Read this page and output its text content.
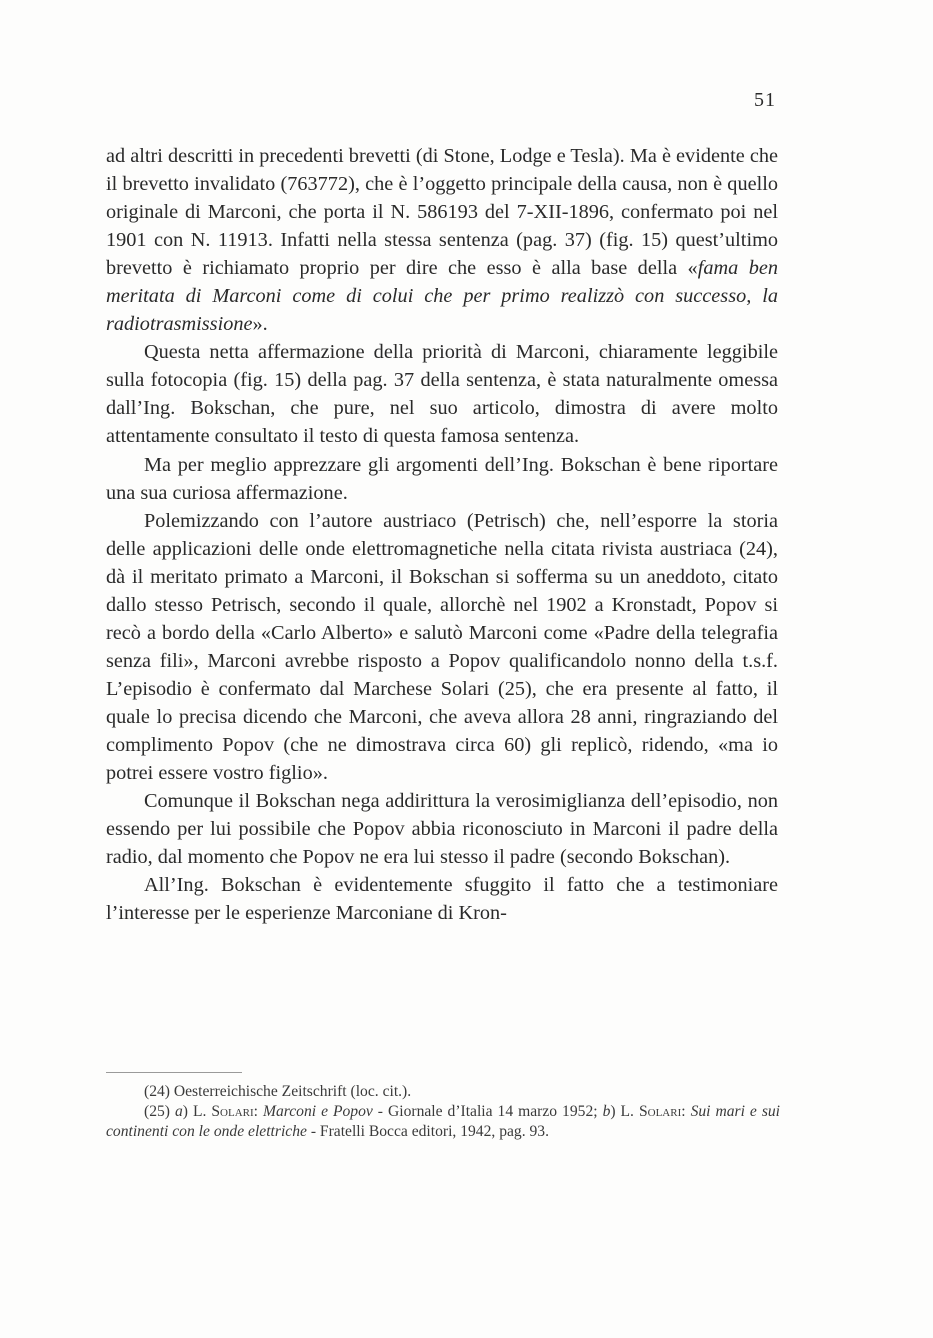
51

ad altri descritti in precedenti brevetti (di Stone, Lodge e Tesla). Ma è evidente che il brevetto invalidato (763772), che è l’oggetto principale della causa, non è quello originale di Marconi, che porta il N. 586193 del 7-XII-1896, confermato poi nel 1901 con N. 11913. Infatti nella stessa sentenza (pag. 37) (fig. 15) quest’ultimo brevetto è richiamato proprio per dire che esso è alla base della «fama ben meritata di Marconi come di colui che per primo realizzò con successo, la radiotrasmissione».

Questa netta affermazione della priorità di Marconi, chiaramente leggibile sulla fotocopia (fig. 15) della pag. 37 della sentenza, è stata naturalmente omessa dall’Ing. Bokschan, che pure, nel suo articolo, dimostra di avere molto attentamente consultato il testo di questa famosa sentenza.

Ma per meglio apprezzare gli argomenti dell’Ing. Bokschan è bene riportare una sua curiosa affermazione.

Polemizzando con l’autore austriaco (Petrisch) che, nell’esporre la storia delle applicazioni delle onde elettromagnetiche nella citata rivista austriaca (24), dà il meritato primato a Marconi, il Bokschan si sofferma su un aneddoto, citato dallo stesso Petrisch, secondo il quale, allorchè nel 1902 a Kronstadt, Popov si recò a bordo della «Carlo Alberto» e salutò Marconi come «Padre della telegrafia senza fili», Marconi avrebbe risposto a Popov qualificandolo nonno della t.s.f. L’episodio è confermato dal Marchese Solari (25), che era presente al fatto, il quale lo precisa dicendo che Marconi, che aveva allora 28 anni, ringraziando del complimento Popov (che ne dimostrava circa 60) gli replicò, ridendo, «ma io potrei essere vostro figlio».

Comunque il Bokschan nega addirittura la verosimiglianza dell’episodio, non essendo per lui possibile che Popov abbia riconosciuto in Marconi il padre della radio, dal momento che Popov ne era lui stesso il padre (secondo Bokschan).

All’Ing. Bokschan è evidentemente sfuggito il fatto che a testimoniare l’interesse per le esperienze Marconiane di Kron-

(24) Oesterreichische Zeitschrift (loc. cit.).

(25) a) L. Solari: Marconi e Popov - Giornale d’Italia 14 marzo 1952; b) L. Solari: Sui mari e sui continenti con le onde elettriche - Fratelli Bocca editori, 1942, pag. 93.
